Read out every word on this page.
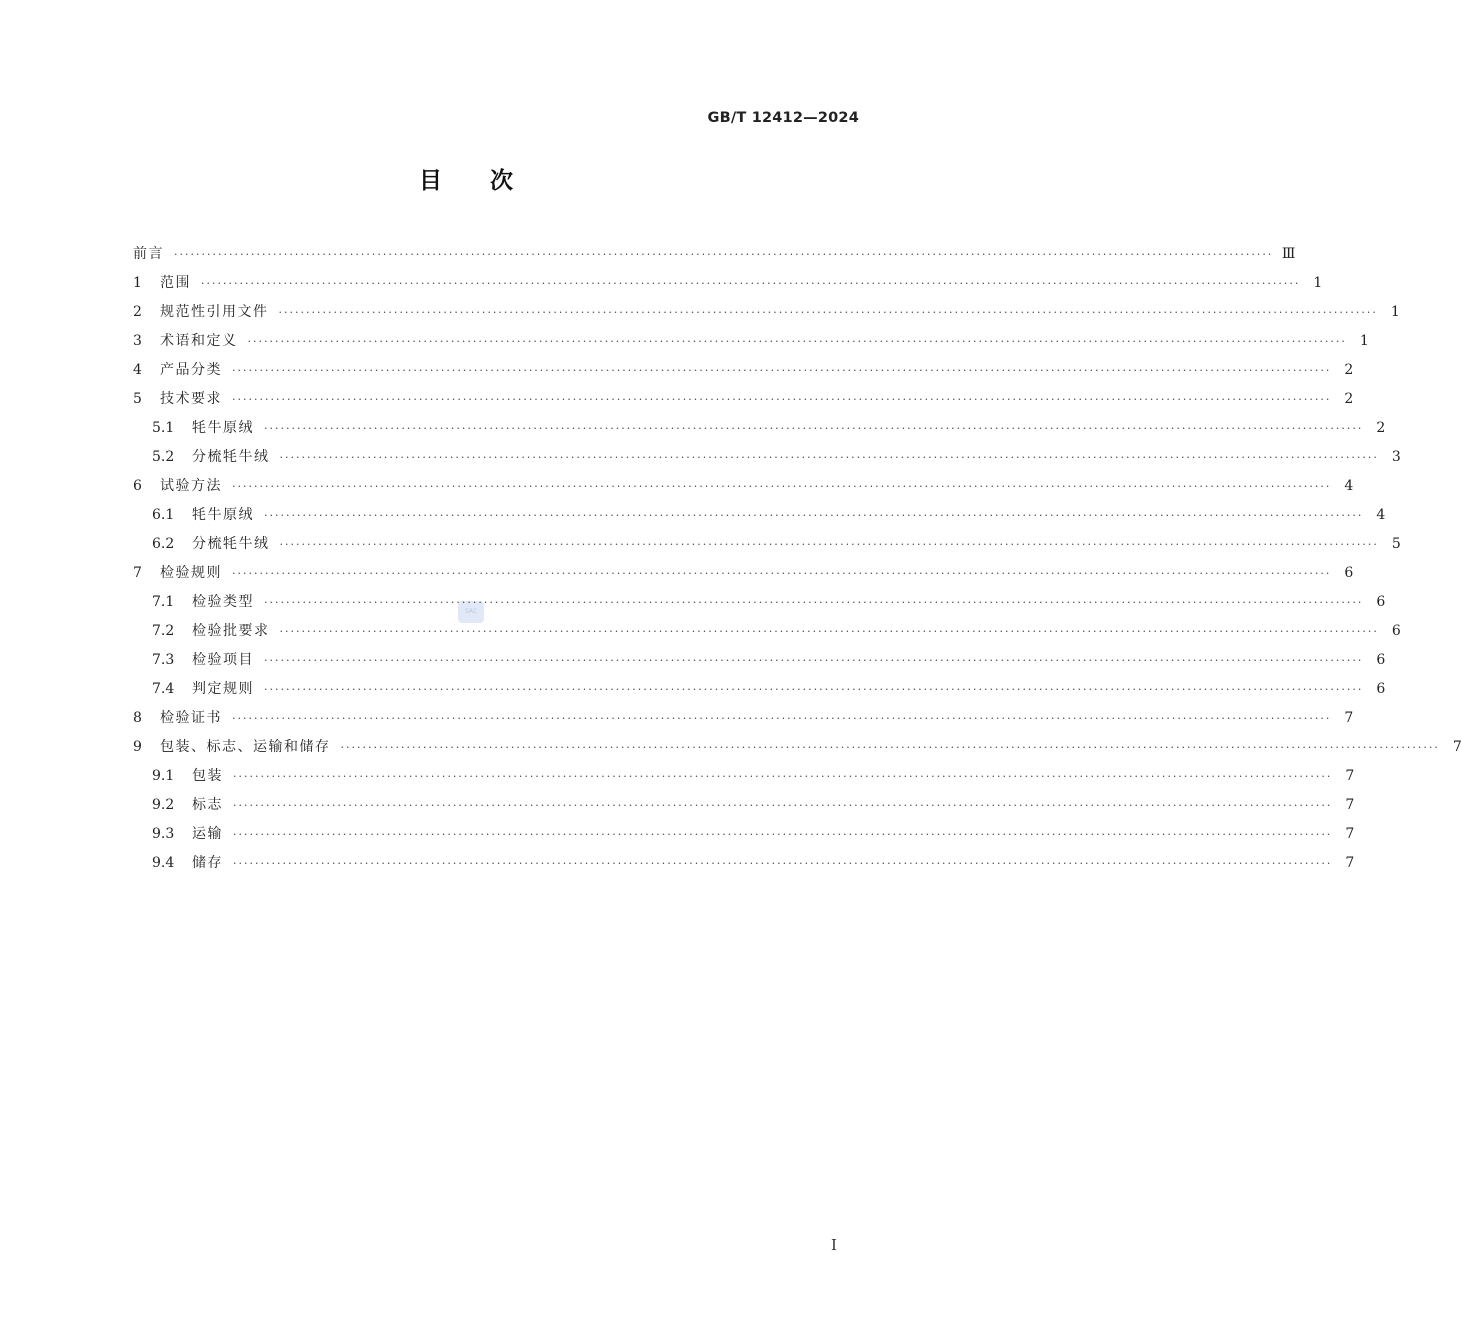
GB/T 12412—2024
目次
SAC
前言 ········································································································································································································ Ⅲ
1	范围 ········································································································································································································ 1
2	规范性引用文件 ········································································································································································································ 1
3	术语和定义 ········································································································································································································ 1
4	产品分类 ········································································································································································································ 2
5	技术要求 ········································································································································································································ 2
5.1	牦牛原绒 ········································································································································································································ 2
5.2	分梳牦牛绒 ········································································································································································································ 3
6	试验方法 ········································································································································································································ 4
6.1	牦牛原绒 ········································································································································································································ 4
6.2	分梳牦牛绒 ········································································································································································································ 5
7	检验规则 ········································································································································································································ 6
7.1	检验类型 ········································································································································································································ 6
7.2	检验批要求 ········································································································································································································ 6
7.3	检验项目 ········································································································································································································ 6
7.4	判定规则 ········································································································································································································ 6
8	检验证书 ········································································································································································································ 7
9	包装、标志、运输和储存 ········································································································································································································ 7
9.1	包装 ········································································································································································································ 7
9.2	标志 ········································································································································································································ 7
9.3	运输 ········································································································································································································ 7
9.4	储存 ········································································································································································································ 7
Ⅰ
